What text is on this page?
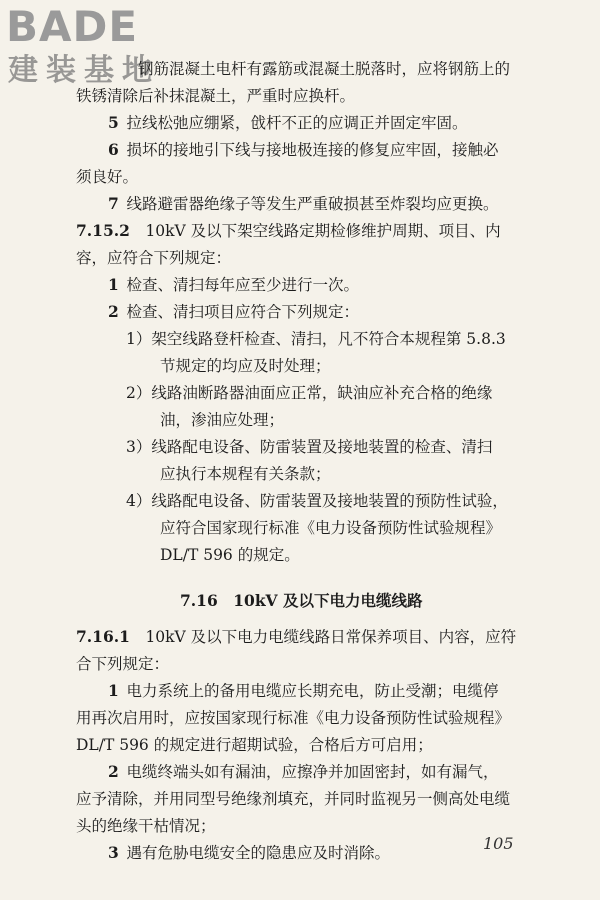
BADE
建装基地
钢筋混凝土电杆有露筋或混凝土脱落时，应将钢筋上的
铁锈清除后补抹混凝土，严重时应换杆。
5  拉线松弛应绷紧，戗杆不正的应调正并固定牢固。
6  损坏的接地引下线与接地极连接的修复应牢固，接触必
须良好。
7  线路避雷器绝缘子等发生严重破损甚至炸裂均应更换。
7.15.2  10kV 及以下架空线路定期检修维护周期、项目、内
容，应符合下列规定：
1  检查、清扫每年应至少进行一次。
2  检查、清扫项目应符合下列规定：
1）架空线路登杆检查、清扫，凡不符合本规程第 5.8.3
节规定的均应及时处理；
2）线路油断路器油面应正常，缺油应补充合格的绝缘
油，渗油应处理；
3）线路配电设备、防雷装置及接地装置的检查、清扫
应执行本规程有关条款；
4）线路配电设备、防雷装置及接地装置的预防性试验，
应符合国家现行标准《电力设备预防性试验规程》
DL/T 596 的规定。
7.16　10kV 及以下电力电缆线路
7.16.1  10kV 及以下电力电缆线路日常保养项目、内容，应符
合下列规定：
1  电力系统上的备用电缆应长期充电，防止受潮；电缆停
用再次启用时，应按国家现行标准《电力设备预防性试验规程》
DL/T 596 的规定进行超期试验，合格后方可启用；
2  电缆终端头如有漏油，应擦净并加固密封，如有漏气，
应予清除，并用同型号绝缘剂填充，并同时监视另一侧高处电缆
头的绝缘干枯情况；
3  遇有危胁电缆安全的隐患应及时消除。	105
